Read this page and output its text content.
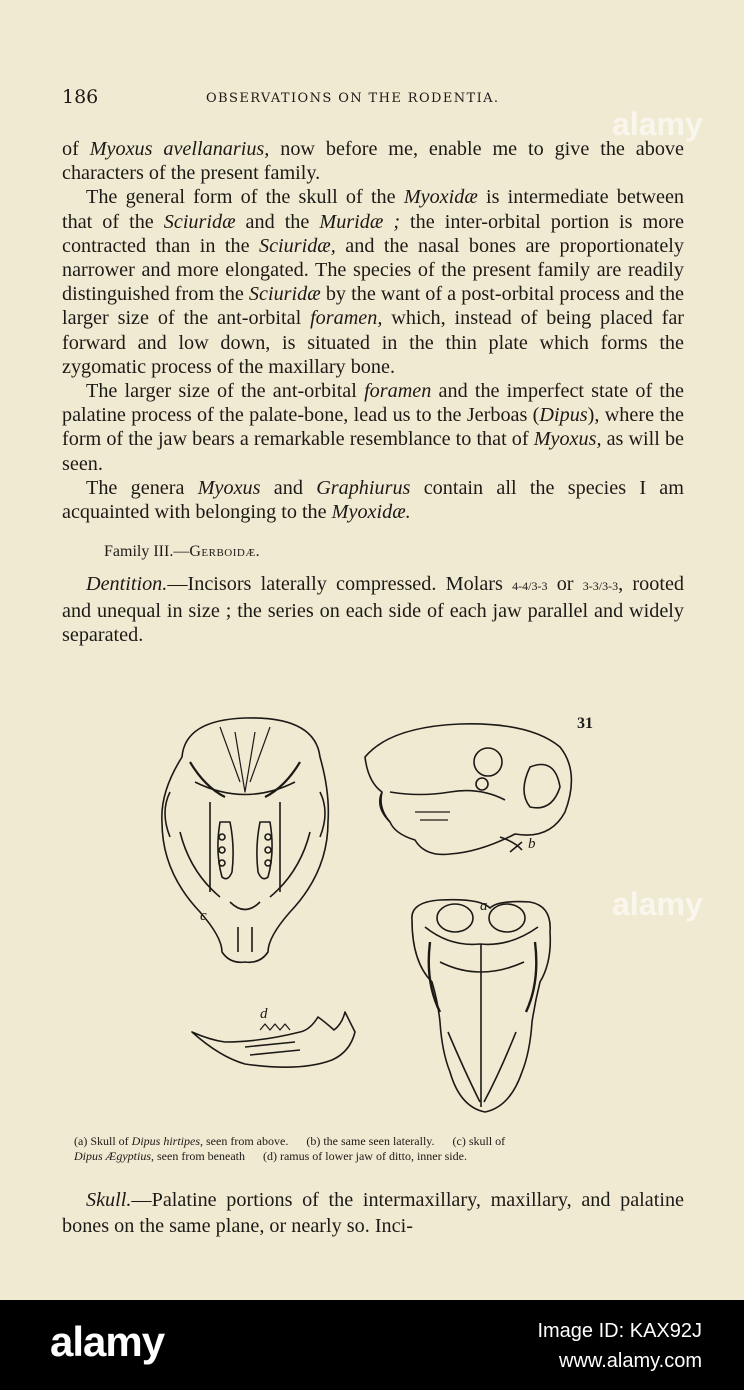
186	OBSERVATIONS ON THE RODENTIA.

of Myoxus avellanarius, now before me, enable me to give the above characters of the present family.

The general form of the skull of the Myoxidæ is intermediate between that of the Sciuridæ and the Muridæ ; the inter-orbital portion is more contracted than in the Sciuridæ, and the nasal bones are proportionately narrower and more elongated. The species of the present family are readily distinguished from the Sciuridæ by the want of a post-orbital process and the larger size of the ant-orbital foramen, which, instead of being placed far forward and low down, is situated in the thin plate which forms the zygomatic process of the maxillary bone.

The larger size of the ant-orbital foramen and the imperfect state of the palatine process of the palate-bone, lead us to the Jerboas (Dipus), where the form of the jaw bears a remarkable resemblance to that of Myoxus, as will be seen.

The genera Myoxus and Graphiurus contain all the species I am acquainted with belonging to the Myoxidæ.

Family III.—Gerboidæ.

Dentition.—Incisors laterally compressed. Molars 4-4/3-3 or 3-3/3-3, rooted and unequal in size ; the series on each side of each jaw parallel and widely separated.

31
a
b
c
d
(a) Skull of Dipus hirtipes, seen from above. (b) the same seen laterally. (c) skull of
Dipus Ægyptius, seen from beneath (d) ramus of lower jaw of ditto, inner side.

Skull.—Palatine portions of the intermaxillary, maxillary, and palatine bones on the same plane, or nearly so. Inci-

alamy
alamy
alamy	Image ID: KAX92J
www.alamy.com
